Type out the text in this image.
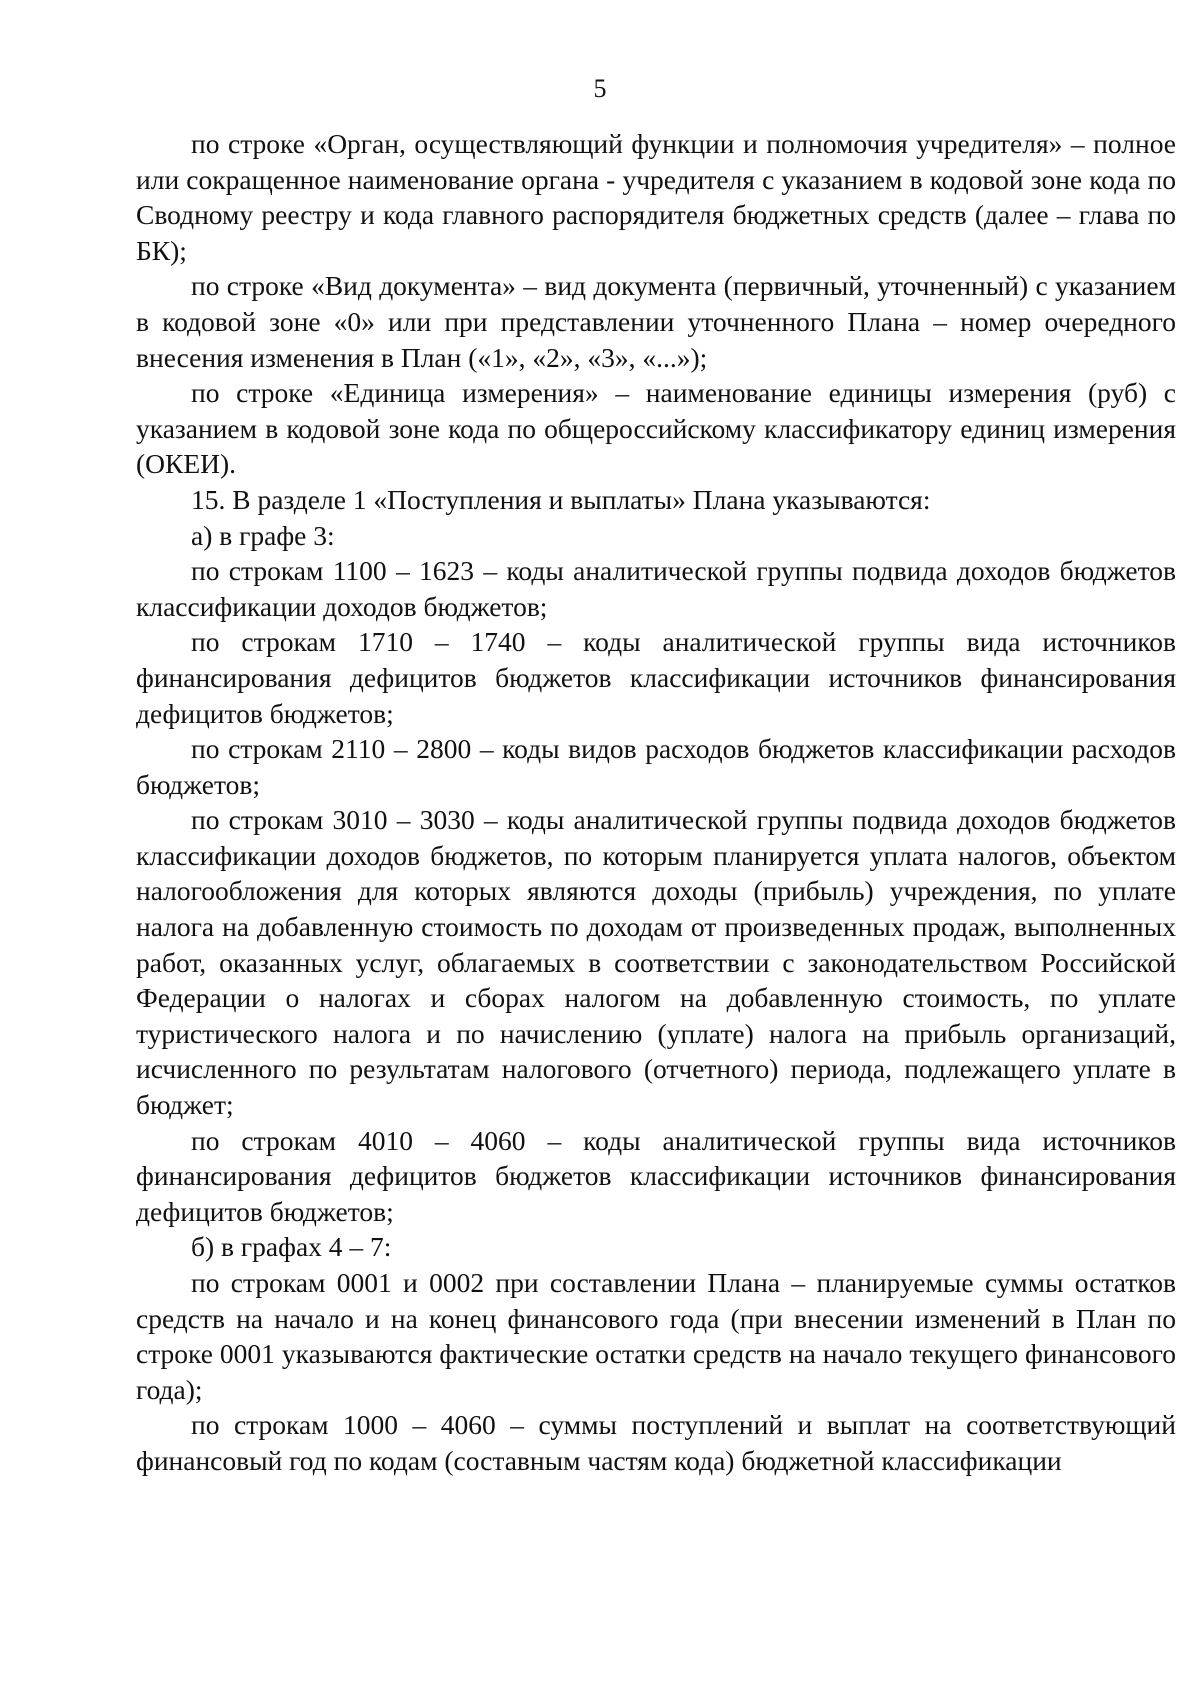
5

по строке «Орган, осуществляющий функции и полномочия учредителя» – полное или сокращенное наименование органа - учредителя с указанием в кодовой зоне кода по Сводному реестру и кода главного распорядителя бюджетных средств (далее – глава по БК);

по строке «Вид документа» – вид документа (первичный, уточненный) с указанием в кодовой зоне «0» или при представлении уточненного Плана – номер очередного внесения изменения в План («1», «2», «3», «...»);

по строке «Единица измерения» – наименование единицы измерения (руб) с указанием в кодовой зоне кода по общероссийскому классификатору единиц измерения (ОКЕИ).

15. В разделе 1 «Поступления и выплаты» Плана указываются:

а) в графе 3:

по строкам 1100 – 1623 – коды аналитической группы подвида доходов бюджетов классификации доходов бюджетов;

по строкам 1710 – 1740 – коды аналитической группы вида источников финансирования дефицитов бюджетов классификации источников финансирования дефицитов бюджетов;

по строкам 2110 – 2800 – коды видов расходов бюджетов классификации расходов бюджетов;

по строкам 3010 – 3030 – коды аналитической группы подвида доходов бюджетов классификации доходов бюджетов, по которым планируется уплата налогов, объектом налогообложения для которых являются доходы (прибыль) учреждения, по уплате налога на добавленную стоимость по доходам от произведенных продаж, выполненных работ, оказанных услуг, облагаемых в соответствии с законодательством Российской Федерации о налогах и сборах налогом на добавленную стоимость, по уплате туристического налога и по начислению (уплате) налога на прибыль организаций, исчисленного по результатам налогового (отчетного) периода, подлежащего уплате в бюджет;

по строкам 4010 – 4060 – коды аналитической группы вида источников финансирования дефицитов бюджетов классификации источников финансирования дефицитов бюджетов;

б) в графах 4 – 7:

по строкам 0001 и 0002 при составлении Плана – планируемые суммы остатков средств на начало и на конец финансового года (при внесении изменений в План по строке 0001 указываются фактические остатки средств на начало текущего финансового года);

по строкам 1000 – 4060 – суммы поступлений и выплат на соответствующий финансовый год по кодам (составным частям кода) бюджетной классификации
